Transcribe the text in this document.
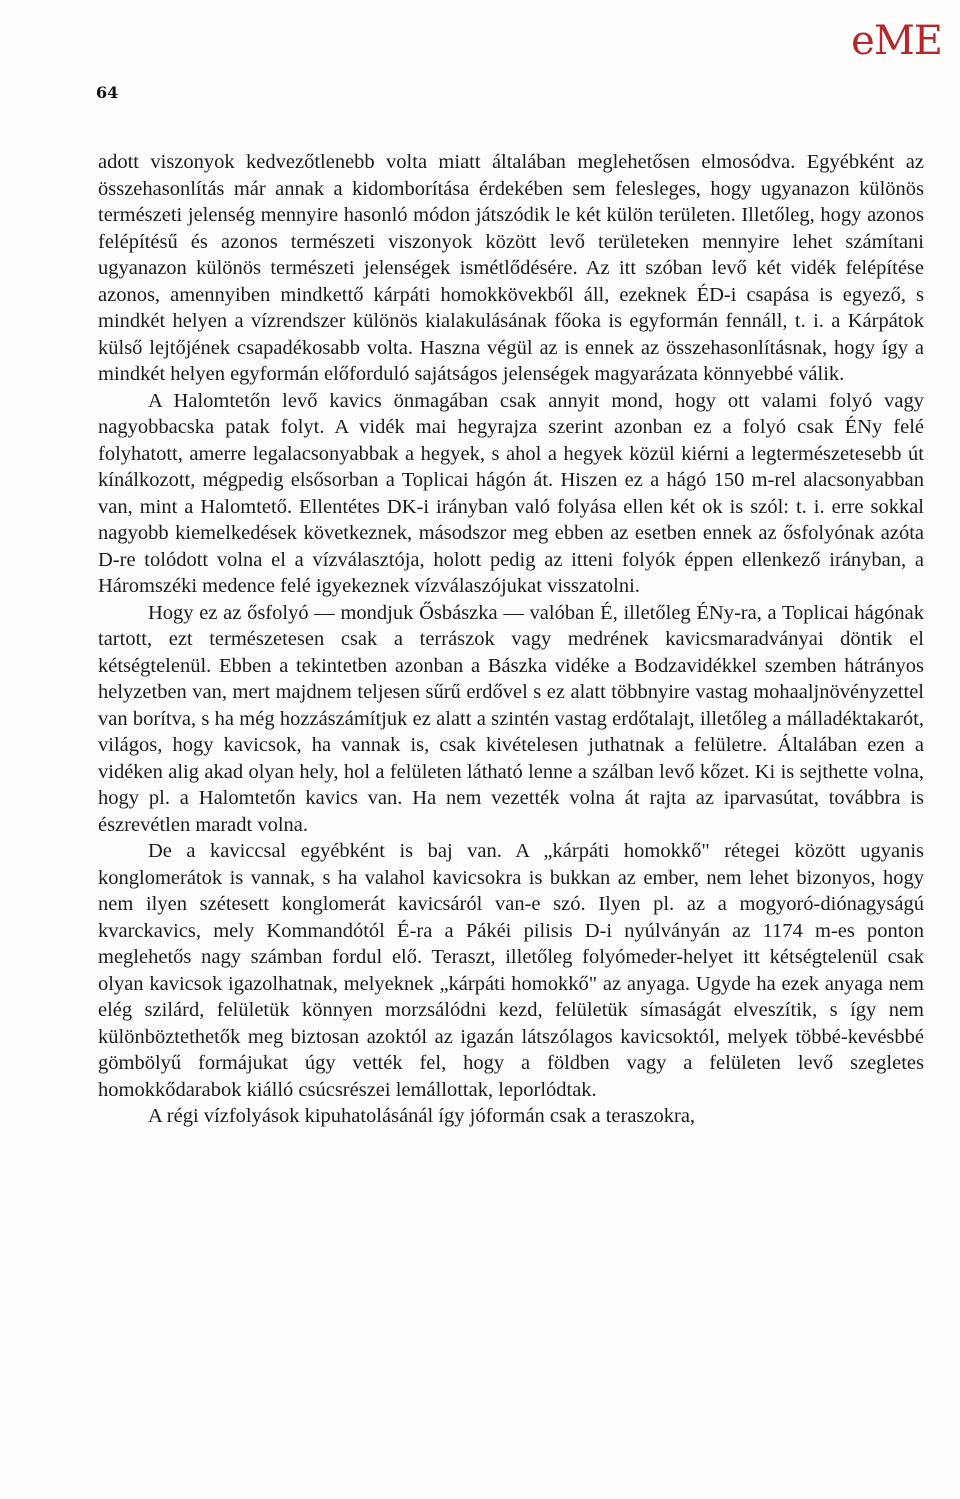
eME
64

adott viszonyok kedvezőtlenebb volta miatt általában meglehetősen elmosódva. Egyébként az összehasonlítás már annak a kidomborítása érdekében sem felesleges, hogy ugyanazon különös természeti jelenség mennyire hasonló módon játszódik le két külön területen. Illetőleg, hogy azonos felépítésű és azonos természeti viszonyok között levő területeken mennyire lehet számítani ugyanazon különös természeti jelenségek ismétlődésére. Az itt szóban levő két vidék felépítése azonos, amennyiben mindkettő kárpáti homokkövekből áll, ezeknek ÉD-i csapása is egyező, s mindkét helyen a vízrendszer különös kialakulásának főoka is egyformán fennáll, t. i. a Kárpátok külső lejtőjének csapadékosabb volta. Haszna végül az is ennek az összehasonlításnak, hogy így a mindkét helyen egyformán előforduló sajátságos jelenségek magyarázata könnyebbé válik.

A Halomtetőn levő kavics önmagában csak annyit mond, hogy ott valami folyó vagy nagyobbacska patak folyt. A vidék mai hegyrajza szerint azonban ez a folyó csak ÉNy felé folyhatott, amerre legalacsonyabbak a hegyek, s ahol a hegyek közül kiérni a legtermészetesebb út kínálkozott, mégpedig elsősorban a Toplicai hágón át. Hiszen ez a hágó 150 m-rel alacsonyabban van, mint a Halomtető. Ellentétes DK-i irányban való folyása ellen két ok is szól: t. i. erre sokkal nagyobb kiemelkedések következnek, másodszor meg ebben az esetben ennek az ősfolyónak azóta D-re tolódott volna el a vízválasztója, holott pedig az itteni folyók éppen ellenkező irányban, a Háromszéki medence felé igyekeznek vízválaszójukat visszatolni.

Hogy ez az ősfolyó — mondjuk Ősbászka — valóban É, illetőleg ÉNy-ra, a Toplicai hágónak tartott, ezt természetesen csak a terrászok vagy medrének kavicsmaradványai döntik el kétségtelenül. Ebben a tekintetben azonban a Bászka vidéke a Bodzavidékkel szemben hátrányos helyzetben van, mert majdnem teljesen sűrű erdővel s ez alatt többnyire vastag mohaaljnövényzettel van borítva, s ha még hozzászámítjuk ez alatt a szintén vastag erdőtalajt, illetőleg a málladéktakarót, világos, hogy kavicsok, ha vannak is, csak kivételesen juthatnak a felületre. Általában ezen a vidéken alig akad olyan hely, hol a felületen látható lenne a szálban levő kőzet. Ki is sejthette volna, hogy pl. a Halomtetőn kavics van. Ha nem vezették volna át rajta az iparvasútat, továbbra is észrevétlen maradt volna.

De a kaviccsal egyébként is baj van. A „kárpáti homokkő" rétegei között ugyanis konglomerátok is vannak, s ha valahol kavicsokra is bukkan az ember, nem lehet bizonyos, hogy nem ilyen szétesett konglomerát kavicsáról van-e szó. Ilyen pl. az a mogyoró-diónagyságú kvarckavics, mely Kommandótól É-ra a Pákéi pilisis D-i nyúlványán az 1174 m-es ponton meglehetős nagy számban fordul elő. Teraszt, illetőleg folyómeder-helyet itt kétségtelenül csak olyan kavicsok igazolhatnak, melyeknek „kárpáti homokkő" az anyaga. Ugyde ha ezek anyaga nem elég szilárd, felületük könnyen morzsálódni kezd, felületük símaságát elveszítik, s így nem különböztethetők meg biztosan azoktól az igazán látszólagos kavicsoktól, melyek többé-kevésbbé gömbölyű formájukat úgy vették fel, hogy a földben vagy a felületen levő szegletes homokkődarabok kiálló csúcsrészei lemállottak, leporlódtak.

A régi vízfolyások kipuhatolásánál így jóformán csak a teraszokra,
